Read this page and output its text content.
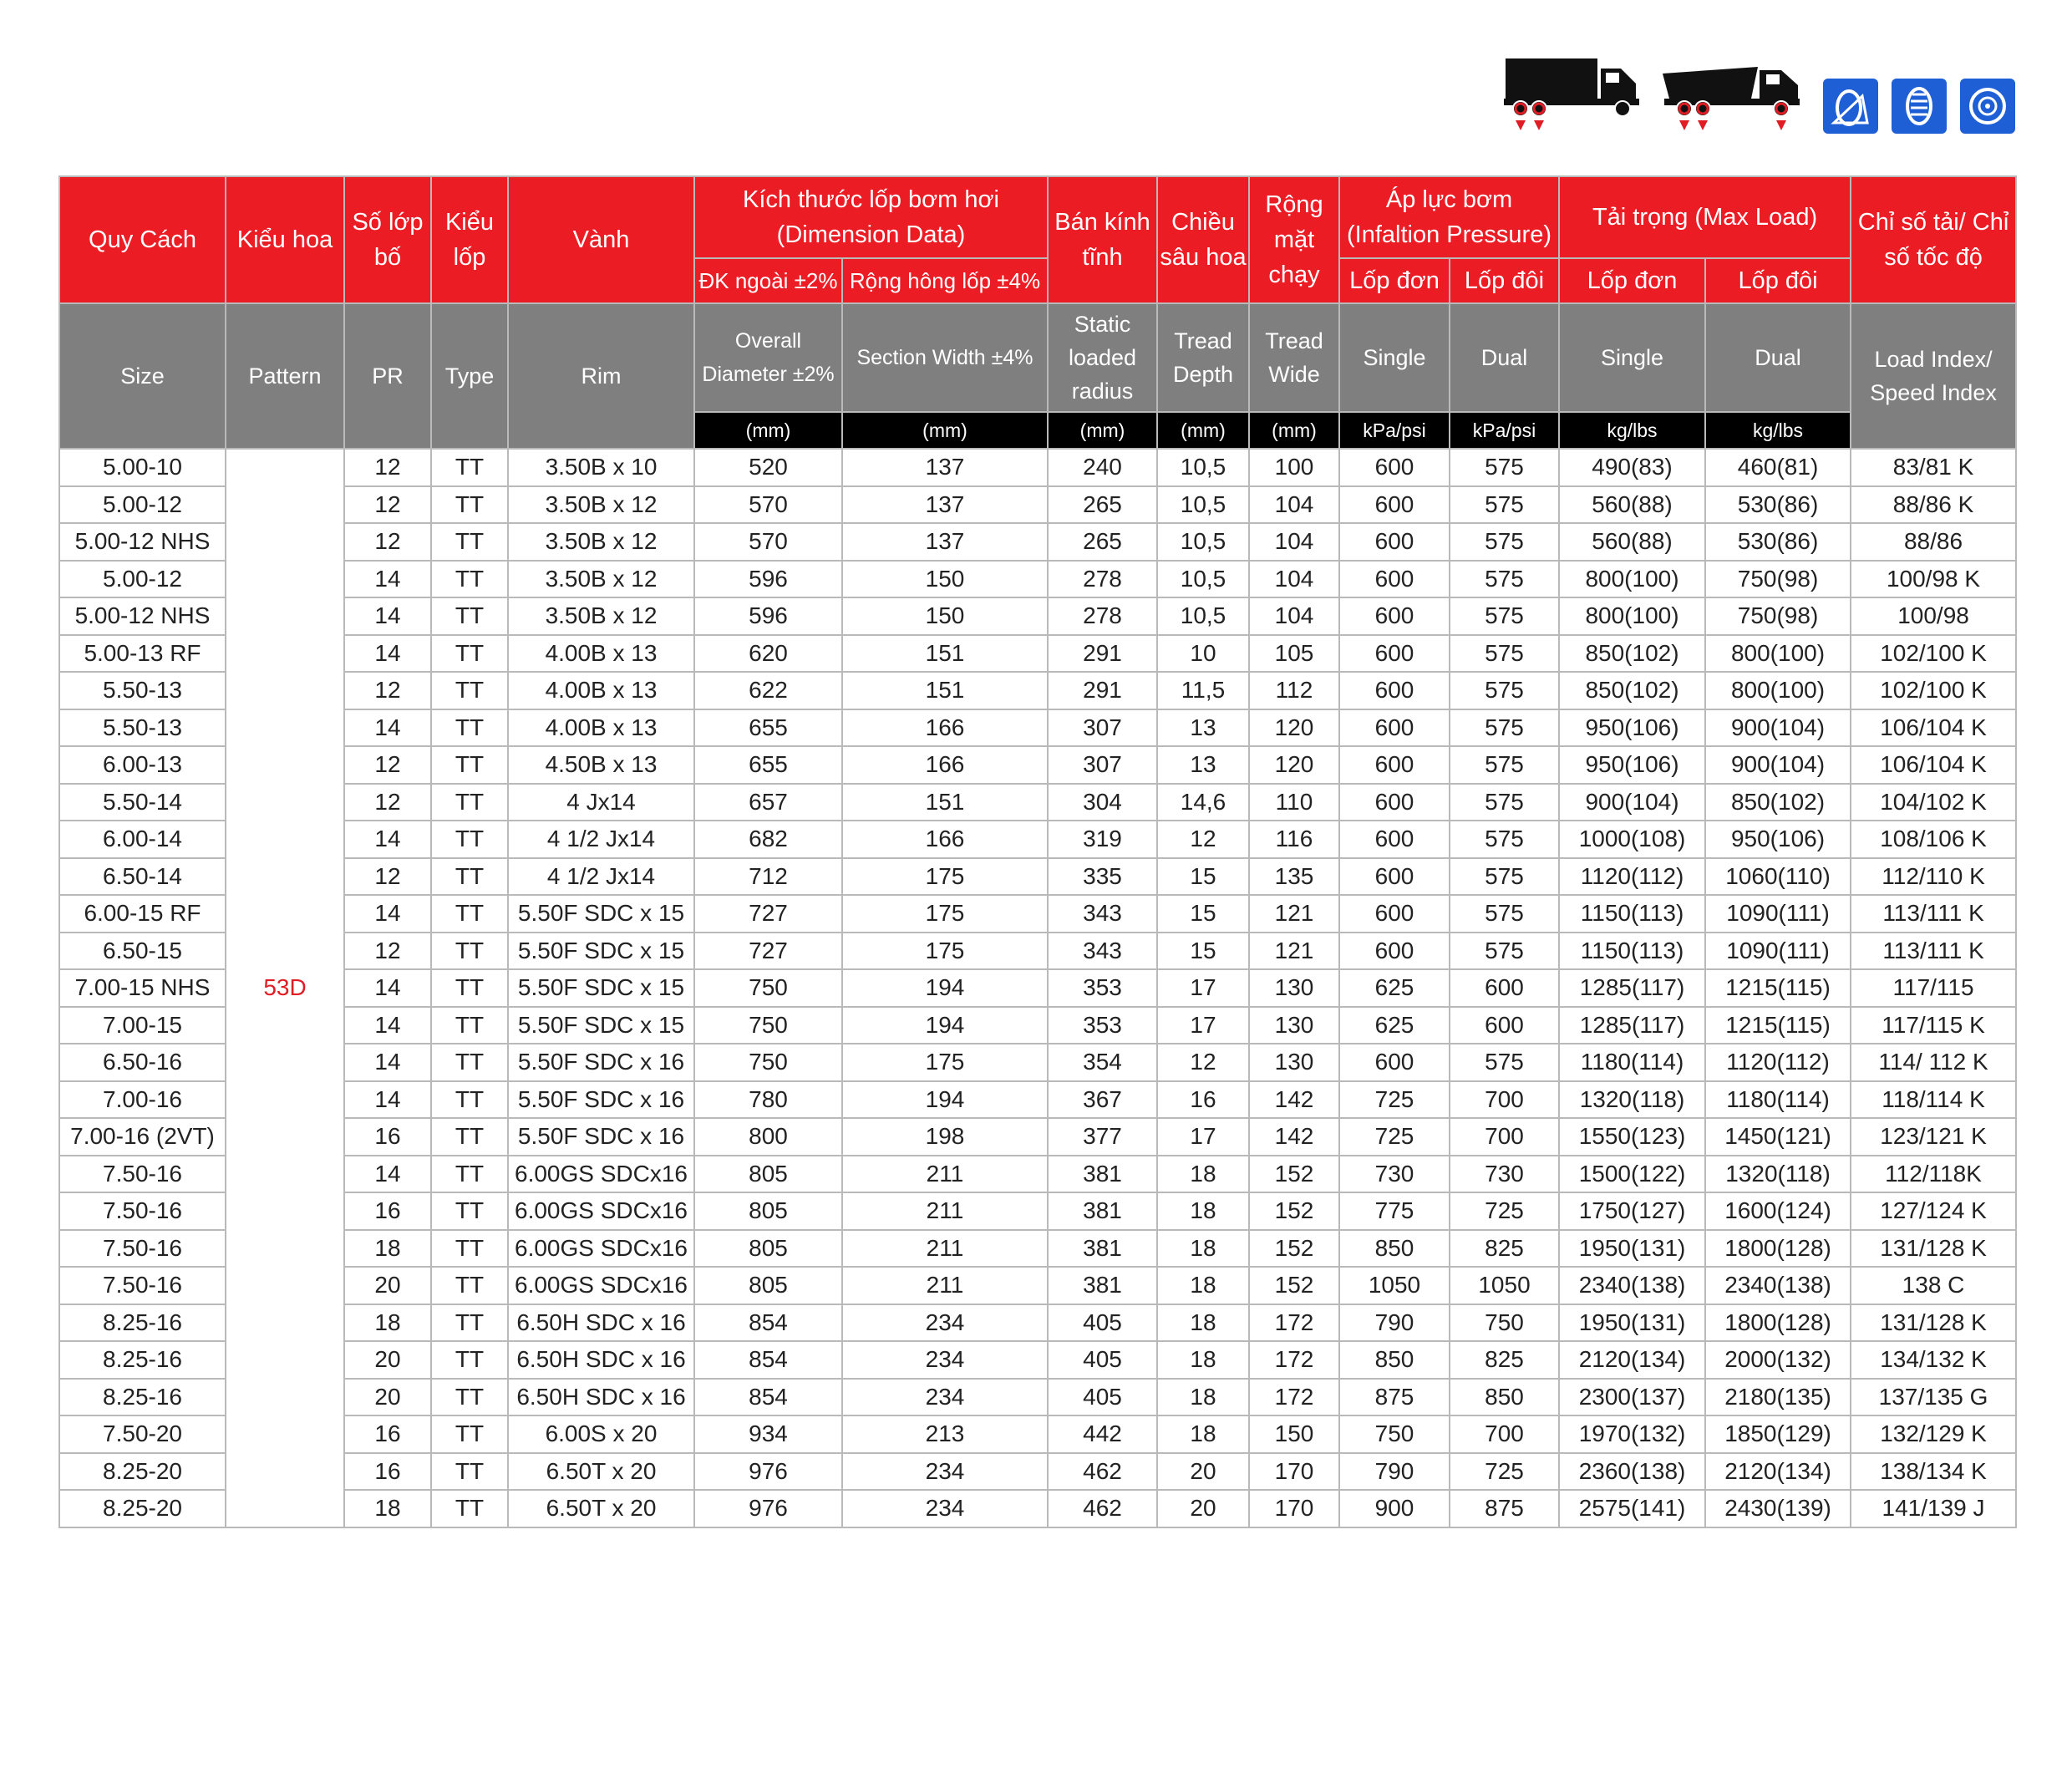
Quy Cách	Kiểu hoa	Số lớp bố	Kiểu lốp	Vành	Kích thước lốp bơm hơi (Dimension Data)		Bán kính tĩnh	Chiều sâu hoa	Rộng mặt chạy	Áp lực bơm (Infaltion Pressure)		Tải trọng (Max Load)		Chỉ số tải/ Chỉ số tốc độ
					ĐK ngoài ±2%	Rộng hông lốp ±4%				Lốp đơn	Lốp đôi	Lốp đơn	Lốp đôi	
Size	Pattern	PR	Type	Rim	Overall Diameter ±2%	Section Width ±4%	Static loaded radius	Tread Depth	Tread Wide	Single	Dual	Single	Dual	Load Index/ Speed Index
					(mm)	(mm)	(mm)	(mm)	(mm)	kPa/psi	kPa/psi	kg/lbs	kg/lbs	
5.00-10	53D	12	TT	3.50B x 10	520	137	240	10,5	100	600	575	490(83)	460(81)	83/81 K
5.00-12		12	TT	3.50B x 12	570	137	265	10,5	104	600	575	560(88)	530(86)	88/86 K
5.00-12 NHS		12	TT	3.50B x 12	570	137	265	10,5	104	600	575	560(88)	530(86)	88/86
5.00-12		14	TT	3.50B x 12	596	150	278	10,5	104	600	575	800(100)	750(98)	100/98 K
5.00-12 NHS		14	TT	3.50B x 12	596	150	278	10,5	104	600	575	800(100)	750(98)	100/98
5.00-13 RF		14	TT	4.00B x 13	620	151	291	10	105	600	575	850(102)	800(100)	102/100 K
5.50-13		12	TT	4.00B x 13	622	151	291	11,5	112	600	575	850(102)	800(100)	102/100 K
5.50-13		14	TT	4.00B x 13	655	166	307	13	120	600	575	950(106)	900(104)	106/104 K
6.00-13		12	TT	4.50B x 13	655	166	307	13	120	600	575	950(106)	900(104)	106/104 K
5.50-14		12	TT	4 Jx14	657	151	304	14,6	110	600	575	900(104)	850(102)	104/102 K
6.00-14		14	TT	4 1/2 Jx14	682	166	319	12	116	600	575	1000(108)	950(106)	108/106 K
6.50-14		12	TT	4 1/2 Jx14	712	175	335	15	135	600	575	1120(112)	1060(110)	112/110 K
6.00-15 RF		14	TT	5.50F SDC x 15	727	175	343	15	121	600	575	1150(113)	1090(111)	113/111 K
6.50-15		12	TT	5.50F SDC x 15	727	175	343	15	121	600	575	1150(113)	1090(111)	113/111 K
7.00-15 NHS		14	TT	5.50F SDC x 15	750	194	353	17	130	625	600	1285(117)	1215(115)	117/115
7.00-15		14	TT	5.50F SDC x 15	750	194	353	17	130	625	600	1285(117)	1215(115)	117/115 K
6.50-16		14	TT	5.50F SDC x 16	750	175	354	12	130	600	575	1180(114)	1120(112)	114/ 112 K
7.00-16		14	TT	5.50F SDC x 16	780	194	367	16	142	725	700	1320(118)	1180(114)	118/114 K
7.00-16 (2VT)		16	TT	5.50F SDC x 16	800	198	377	17	142	725	700	1550(123)	1450(121)	123/121 K
7.50-16		14	TT	6.00GS SDCx16	805	211	381	18	152	730	730	1500(122)	1320(118)	112/118K
7.50-16		16	TT	6.00GS SDCx16	805	211	381	18	152	775	725	1750(127)	1600(124)	127/124 K
7.50-16		18	TT	6.00GS SDCx16	805	211	381	18	152	850	825	1950(131)	1800(128)	131/128 K
7.50-16		20	TT	6.00GS SDCx16	805	211	381	18	152	1050	1050	2340(138)	2340(138)	138 C
8.25-16		18	TT	6.50H SDC x 16	854	234	405	18	172	790	750	1950(131)	1800(128)	131/128 K
8.25-16		20	TT	6.50H SDC x 16	854	234	405	18	172	850	825	2120(134)	2000(132)	134/132 K
8.25-16		20	TT	6.50H SDC x 16	854	234	405	18	172	875	850	2300(137)	2180(135)	137/135 G
7.50-20		16	TT	6.00S x 20	934	213	442	18	150	750	700	1970(132)	1850(129)	132/129 K
8.25-20		16	TT	6.50T x 20	976	234	462	20	170	790	725	2360(138)	2120(134)	138/134 K
8.25-20		18	TT	6.50T x 20	976	234	462	20	170	900	875	2575(141)	2430(139)	141/139 J
